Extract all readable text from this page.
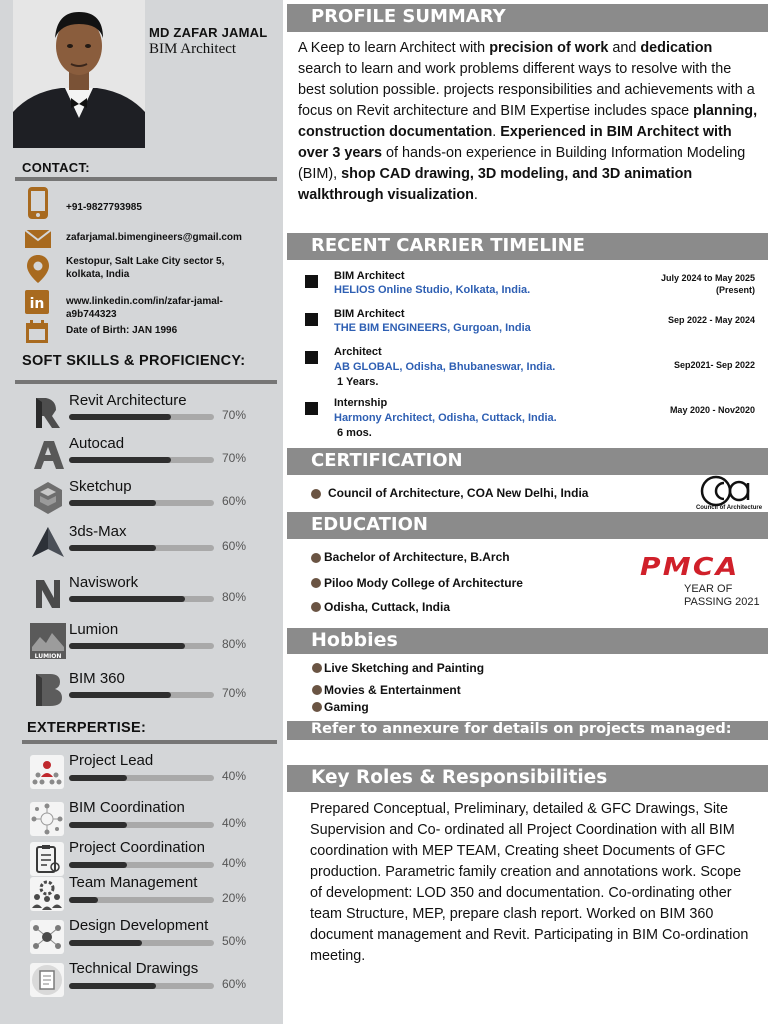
MD ZAFAR JAMAL
BIM Architect
CONTACT:
+91-9827793985
zafarjamal.bimengineers@gmail.com
Kestopur, Salt Lake City sector 5,
kolkata, India
in www.linkedin.com/in/zafar-jamal-
a9b744323
Date of Birth: JAN 1996
SOFT SKILLS & PROFICIENCY:
Revit Architecture
70%
Autocad
70%
Sketchup
60%
3ds-Max
60%
Naviswork
80%
LUMION
Lumion
80%
BIM 360
70%
EXTERPERTISE:
Project Lead
40%
BIM Coordination
40%
Project Coordination
40%
Team Management
20%
Design Development
50%
Technical Drawings
60%
PROFILE SUMMARY
A Keep to learn Architect with precision of work and dedication search to learn and work problems different ways to resolve with the best solution possible. projects responsibilities and achievements with a focus on Revit architecture and BIM Expertise includes space planning, construction documentation. Experienced in BIM Architect with over 3 years of hands-on experience in Building Information Modeling (BIM), shop CAD drawing, 3D modeling, and 3D animation walkthrough visualization.
RECENT CARRIER TIMELINE
BIM Architect
HELIOS Online Studio, Kolkata, India.
July 2024 to May 2025
(Present)
BIM Architect
THE BIM ENGINEERS, Gurgoan, India
Sep 2022 - May 2024
Architect
AB GLOBAL, Odisha, Bhubaneswar, India.
1 Years.
Sep2021- Sep 2022
Internship
Harmony Architect, Odisha, Cuttack, India.
6 mos.
May 2020 - Nov2020
CERTIFICATION
Council of Architecture, COA New Delhi, India
Council of Architecture
EDUCATION
Bachelor of Architecture, B.Arch
Piloo Mody College of Architecture
Odisha, Cuttack, India
PMCA
YEAR OF
PASSING 2021
Hobbies
Live Sketching and Painting
Movies & Entertainment
Gaming
Refer to annexure for details on projects managed:
Key Roles & Responsibilities
Prepared Conceptual, Preliminary, detailed & GFC Drawings, Site Supervision and Co- ordinated all Project Coordination with all BIM coordination with MEP TEAM, Creating sheet Documents of GFC production. Parametric family creation and annotations work. Scope of development: LOD 350 and documentation. Co-ordinating other team Structure, MEP, prepare clash report. Worked on BIM 360 document management and Revit. Participating in BIM Co-ordination meeting.
